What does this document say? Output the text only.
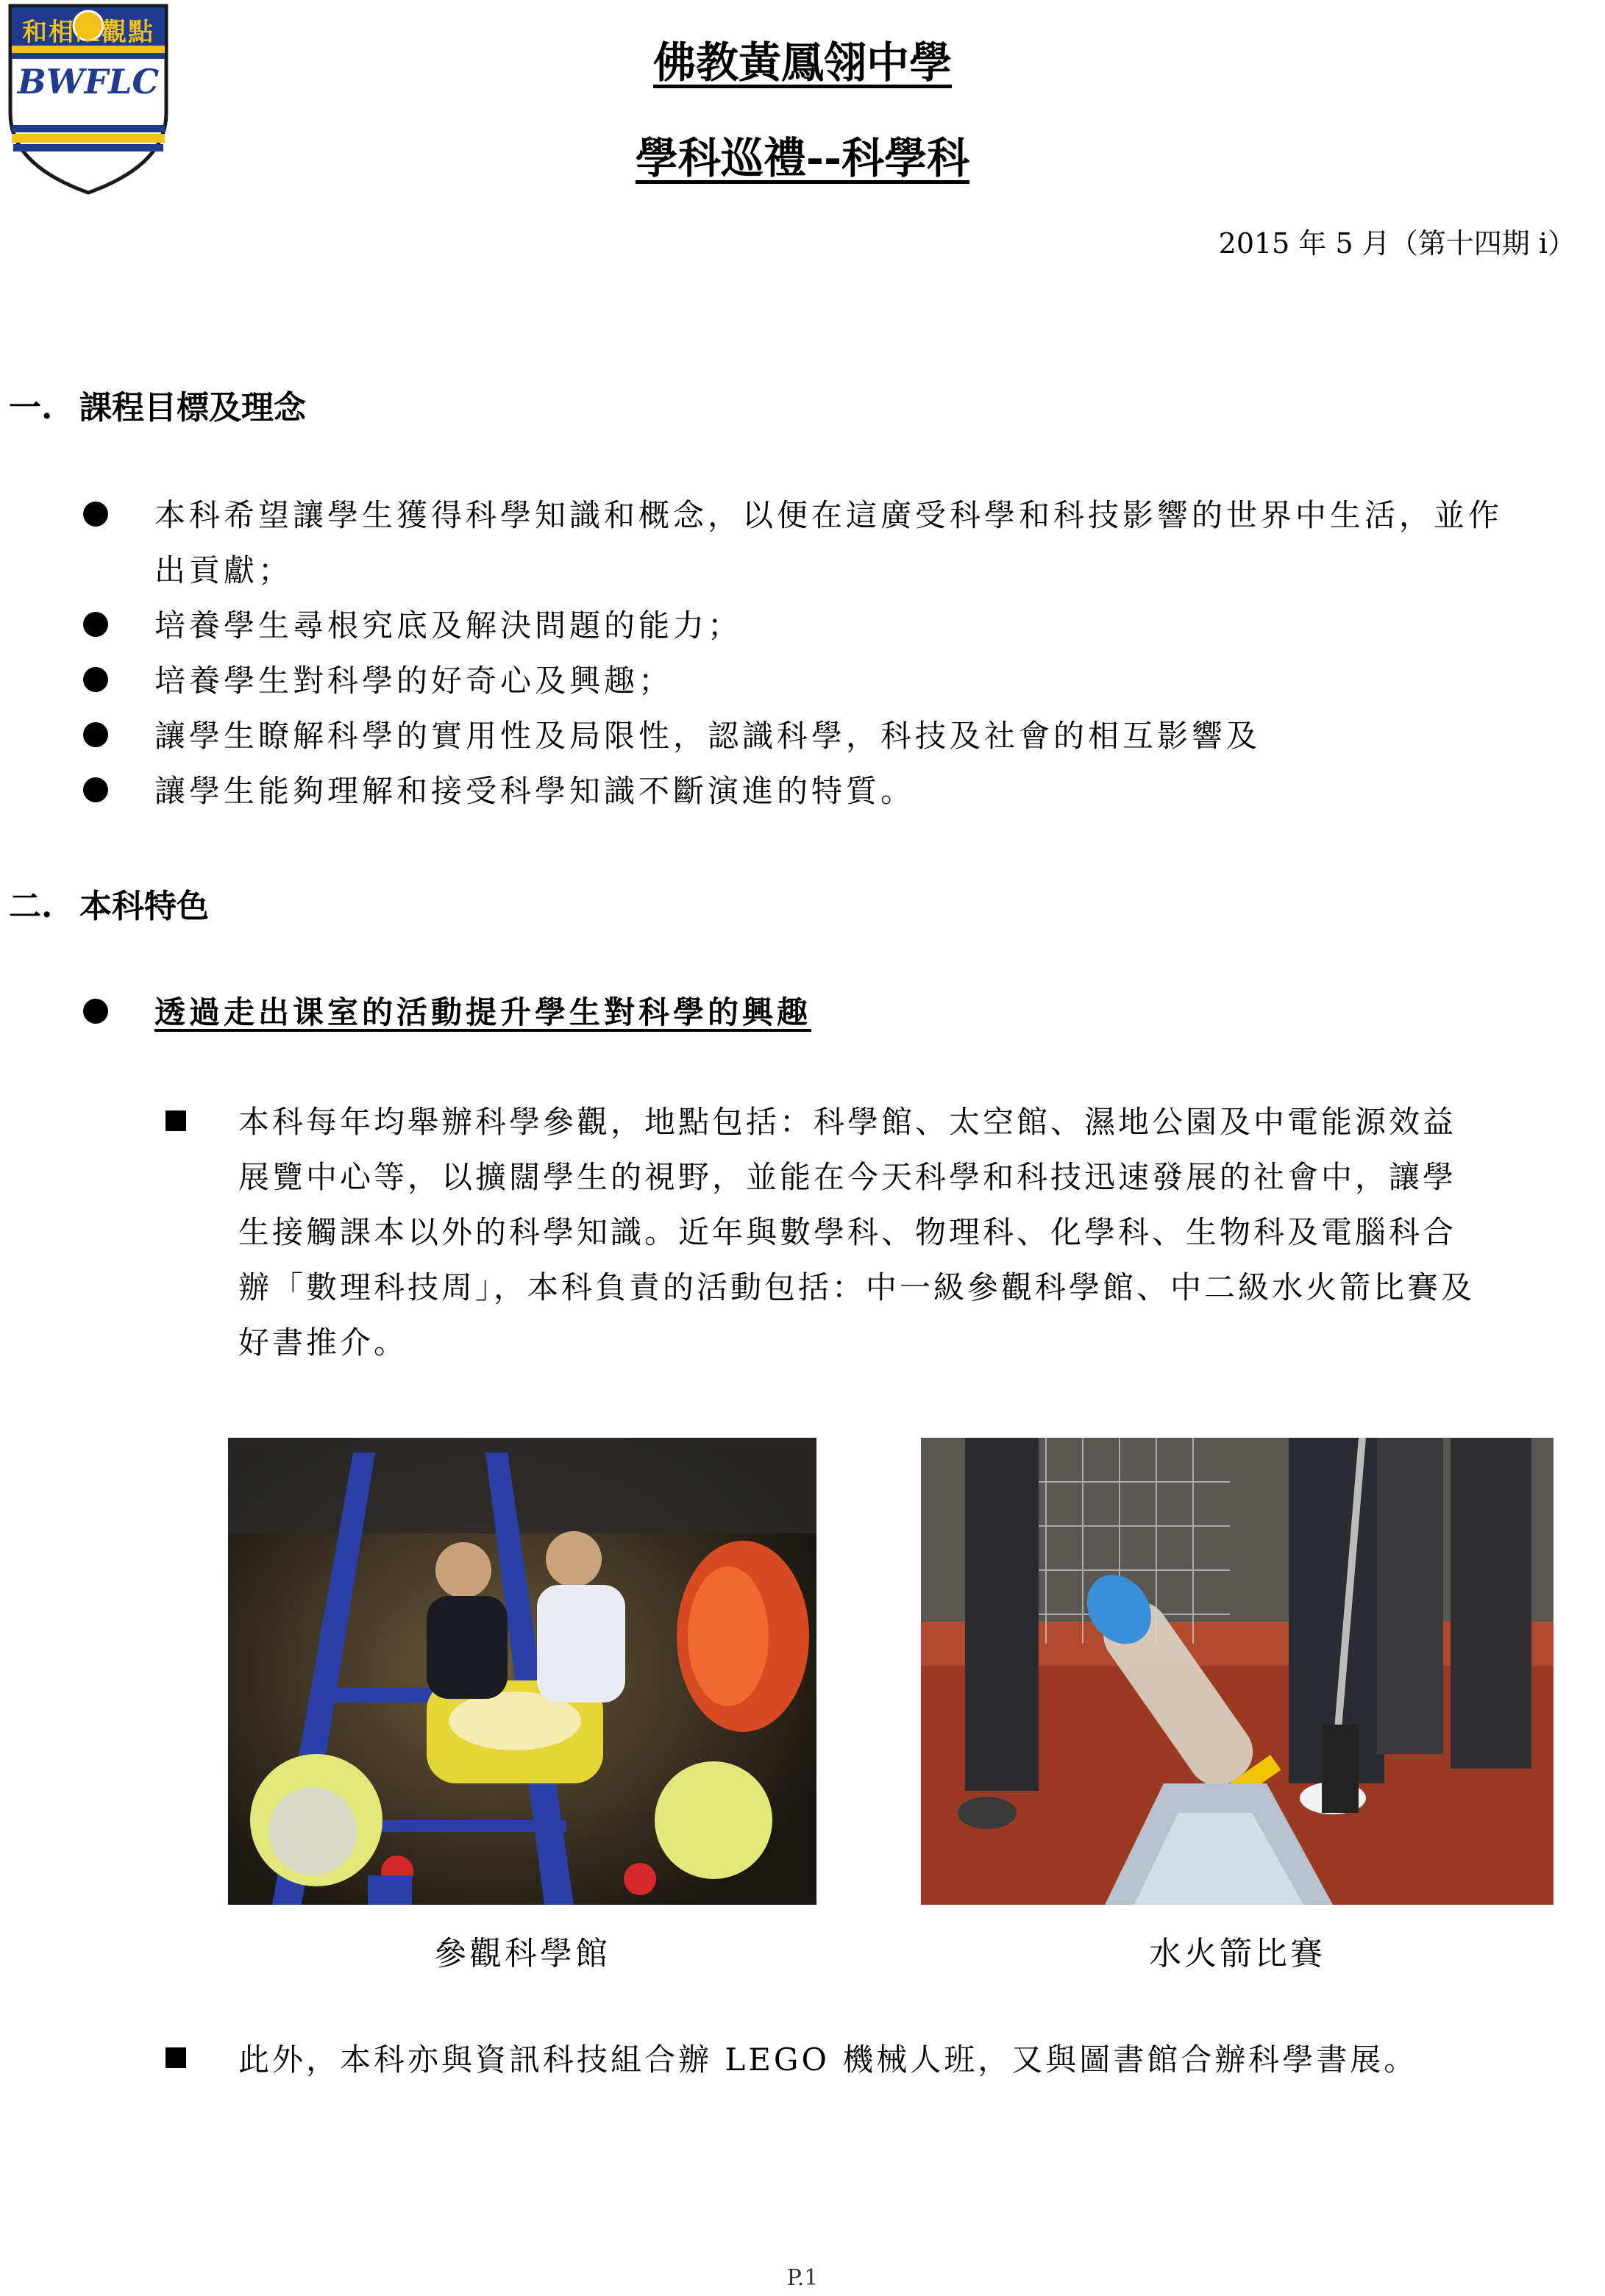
BWFLC
和相卍觀點
佛教黃鳳翎中學
學科巡禮--科學科
2015 年 5 月（第十四期 i）
一. 課程目標及理念
本科希望讓學生獲得科學知識和概念，以便在這廣受科學和科技影響的世界中生活，並作
出貢獻；
培養學生尋根究底及解決問題的能力；
培養學生對科學的好奇心及興趣；
讓學生瞭解科學的實用性及局限性，認識科學，科技及社會的相互影響及
讓學生能夠理解和接受科學知識不斷演進的特質。
二. 本科特色
透過走出课室的活動提升學生對科學的興趣
本科每年均舉辦科學參觀，地點包括：科學館、太空館、濕地公園及中電能源效益
展覽中心等，以擴闊學生的視野，並能在今天科學和科技迅速發展的社會中，讓學
生接觸課本以外的科學知識。近年與數學科、物理科、化學科、生物科及電腦科合
辦「數理科技周」，本科負責的活動包括：中一級參觀科學館、中二級水火箭比賽及
好書推介。
參觀科學館	水火箭比賽
此外，本科亦與資訊科技組合辦 LEGO 機械人班，又與圖書館合辦科學書展。
P.1
